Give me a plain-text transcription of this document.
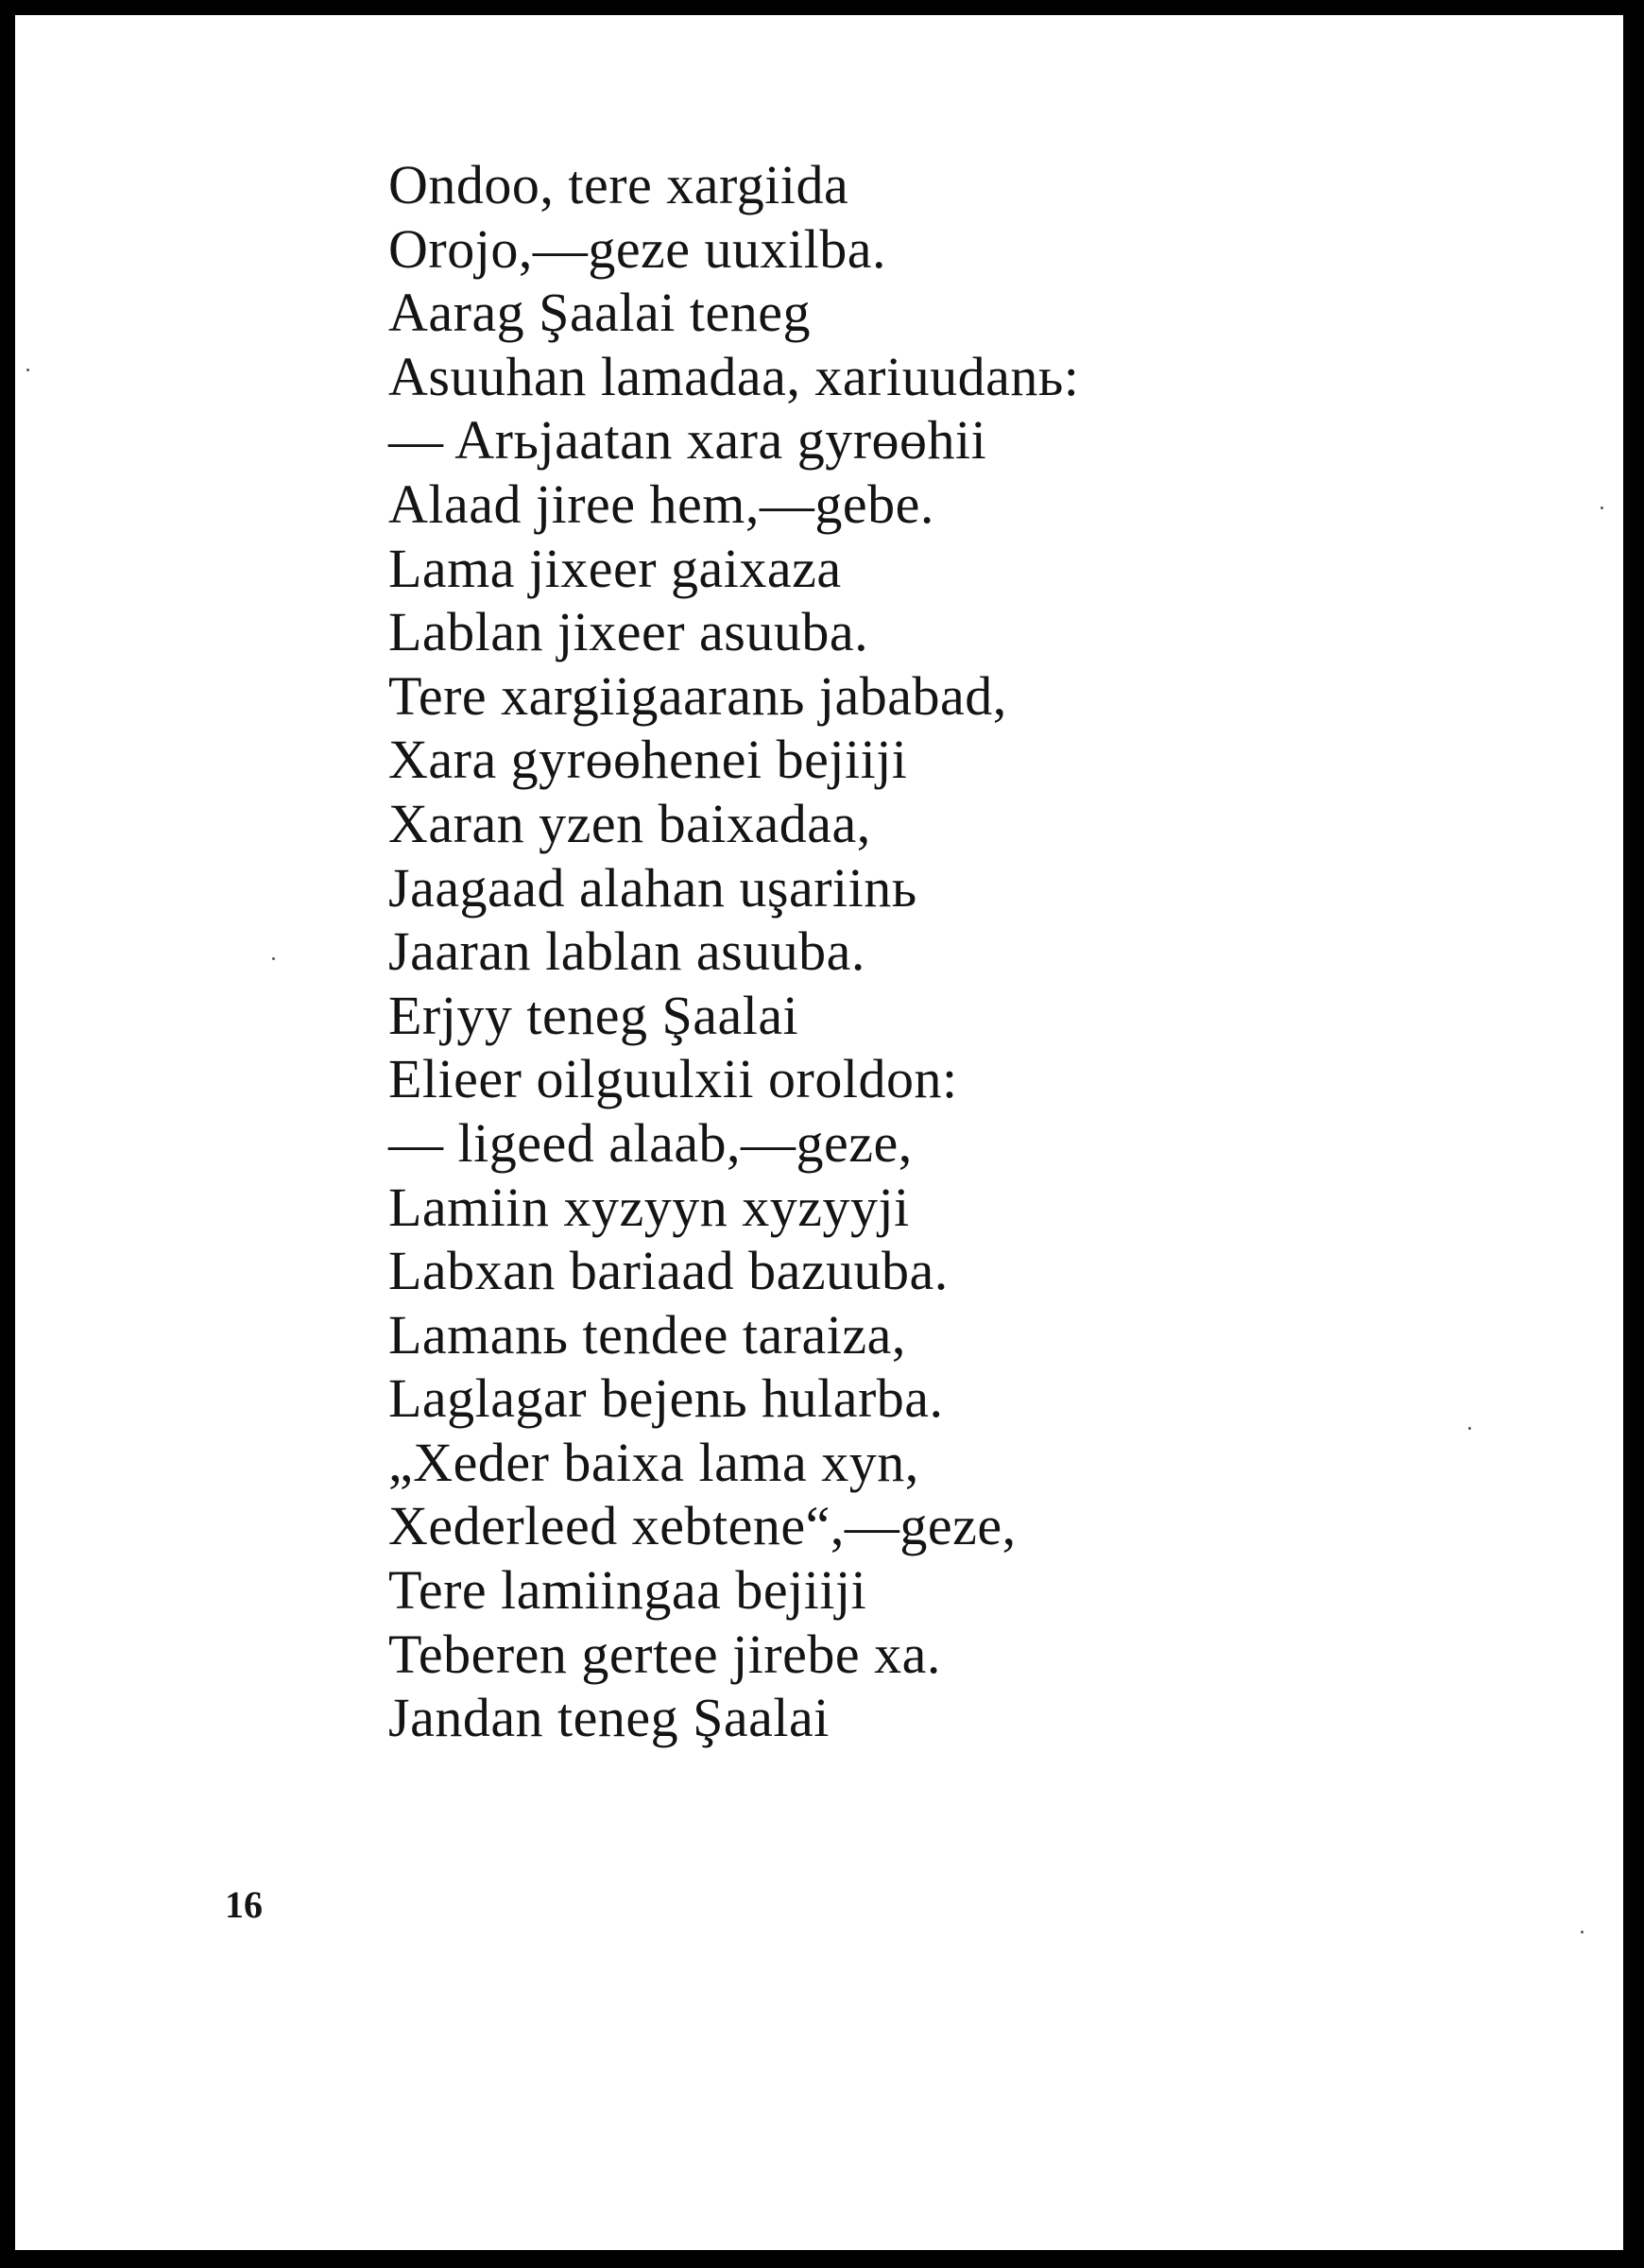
Ondoo, tere xargiida
Orojo,—geze uuxilba.
Aarag Şaalai teneg
Asuuhan lamadaa, xariuudanь:
— Arьjaatan xara gyrөөhii
Alaad jiree hem,—gebe.
Lama jixeer gaixaza
Lablan jixeer asuuba.
Tere xargiigaaranь jababad,
Xara gyrөөhenei bejiiji
Xaran yzen baixadaa,
Jaagaad alahan uşariinь
Jaaran lablan asuuba.
Erjyy teneg Şaalai
Elieer oilguulxii oroldon:
— ligeed alaab,—geze,
Lamiin xyzyyn xyzyyji
Labxan bariaad bazuuba.
Lamanь tendee taraiza,
Laglagar bejenь hularba.
„Xeder baixa lama xyn,
Xederleed xebtene“,—geze,
Tere lamiingaa bejiiji
Teberen gertee jirebe xa.
Jandan teneg Şaalai
16
